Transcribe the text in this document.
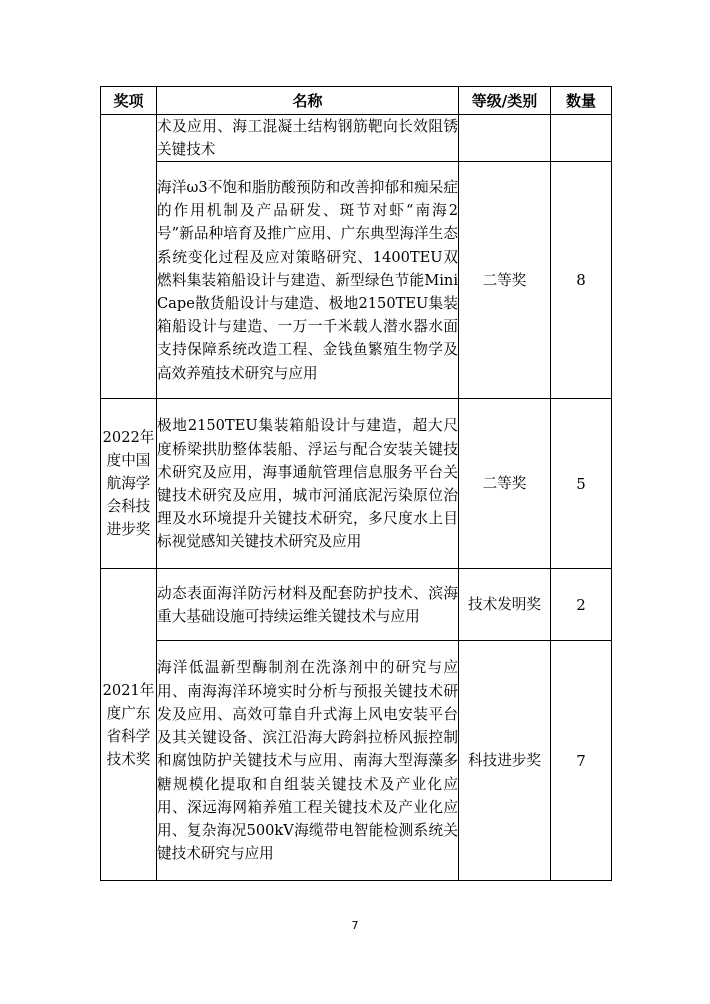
奖项	名称	等级/类别	数量
	术及应用、海工混凝土结构钢筋靶向长效阻锈关键技术		
	海洋ω3不饱和脂肪酸预防和改善抑郁和痴呆症的作用机制及产品研发、斑节对虾“南海2号”新品种培育及推广应用、广东典型海洋生态系统变化过程及应对策略研究、1400TEU双燃料集装箱船设计与建造、新型绿色节能Mini Cape散货船设计与建造、极地2150TEU集装箱船设计与建造、一万一千米载人潜水器水面支持保障系统改造工程、金钱鱼繁殖生物学及高效养殖技术研究与应用	二等奖	8
2022年度中国航海学会科技进步奖	极地2150TEU集装箱船设计与建造，超大尺度桥梁拱肋整体装船、浮运与配合安装关键技术研究及应用，海事通航管理信息服务平台关键技术研究及应用，城市河涌底泥污染原位治理及水环境提升关键技术研究，多尺度水上目标视觉感知关键技术研究及应用	二等奖	5
2021年度广东省科学技术奖	动态表面海洋防污材料及配套防护技术、滨海重大基础设施可持续运维关键技术与应用	技术发明奖	2
	海洋低温新型酶制剂在洗涤剂中的研究与应用、南海海洋环境实时分析与预报关键技术研发及应用、高效可靠自升式海上风电安装平台及其关键设备、滨江沿海大跨斜拉桥风振控制和腐蚀防护关键技术与应用、南海大型海藻多糖规模化提取和自组装关键技术及产业化应用、深远海网箱养殖工程关键技术及产业化应用、复杂海况500kV海缆带电智能检测系统关键技术研究与应用	科技进步奖	7
7
